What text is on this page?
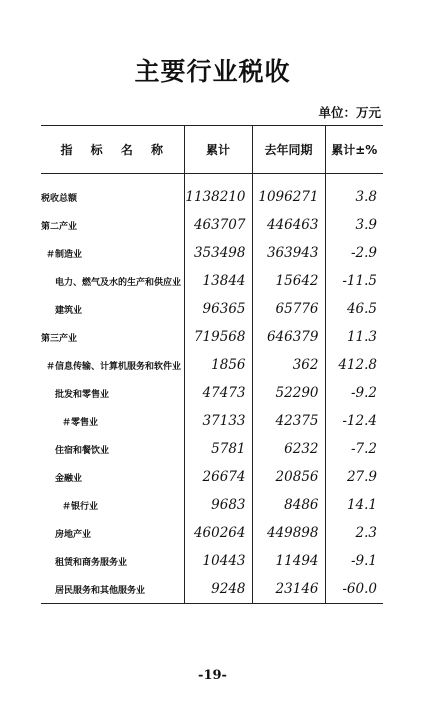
主要行业税收
单位：万元
指 标 名 称	累计	去年同期	累计±%

税收总额	1138210	1096271	3.8
第二产业	463707	446463	3.9
＃制造业	353498	363943	-2.9
电力、燃气及水的生产和供应业	13844	15642	-11.5
建筑业	96365	65776	46.5
第三产业	719568	646379	11.3
＃信息传输、计算机服务和软件业	1856	362	412.8
批发和零售业	47473	52290	-9.2
＃零售业	37133	42375	-12.4
住宿和餐饮业	5781	6232	-7.2
金融业	26674	20856	27.9
＃银行业	9683	8486	14.1
房地产业	460264	449898	2.3
租赁和商务服务业	10443	11494	-9.1
居民服务和其他服务业	9248	23146	-60.0
-19-
